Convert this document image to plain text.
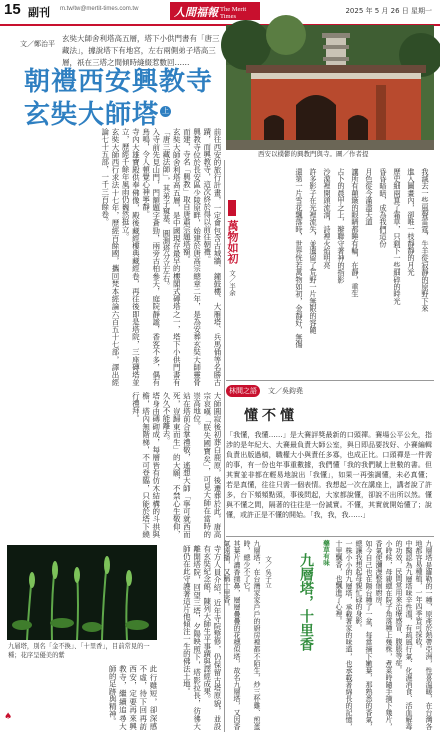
15 副刊 m.tw/tw@mertit-times.com.tw	人間福報 The Merit Times
2025 年 5 月 26 日 星期一
玄奘大師舍利塔高五層，塔下小供門書有「唐三藏法」，據說塔下有地宮，左右兩側弟子塔高三層，祇在三塔之間傾時縫綴惹數回……
文／鄭治平
朝禮西安興教寺
玄奘大師塔 上
西安以樸鬱的興教門與寺。圖／作者提

前往西安的旅行計畫，一定會包含古城牆、鐘鼓樓、大雁塔、兵馬俑等名勝古蹟，而興教寺，這次終於得以前往朝禮。

興教寺位於長安區少陵原畔，始建於唐高宗總章二年，是為安葬玄奘大師靈骨而建，寺名「興教」取自唐肅宗題塔額。

玄奘大師舍利塔高五層，是中國現存最早的樓閣式磚塔之一，塔下小供門書有「唐三藏法師」，其弟子窺基、圓測塔分立左右。

入寺前先見山門，門額題字蒼勁，兩旁古柏參天，庭院靜謐，香客不多，偶有鳥鳴，令人頓覺心神寧靜。

寺內大雄寶殿供奉佛像，殿後藏經樓典藏經卷，再往後即是塔院，三座磚塔並立，歷經千餘年風雨仍巍然挺立。

玄奘大師西行求法十七年，歷經百餘國，攜回梵本經論六百五十七部，譯出經論七十五部，一千三百餘卷。

大師圓寂後初葬白鹿原，後遷葬於此，唐高宗哀嘆「朕失國寶矣」，可見大師在當時的崇高地位。

站在塔前合掌禮敬，遙想大師「寧可就西而死，豈歸東而生」的大願，不禁心生敬仰，久久不能離去。

塔身由磚砌成，每層皆有仿木結構的斗拱與檐，塔內無階梯，不可登臨，只能於塔下繞行禮拜。

寺方人員介紹，近年寺院整修，仍保留古塔原貌，並設有玄奘紀念館，陳列大師生平事蹟與譯經成果。

離開塔院，回望三塔，夕陽映照下，塔影拉長，彷彿大師仍在此守護著這片他傾注一生的佛法土地。

此行雖短，卻深感不虛，待下回再訪西安，定要再來興教寺，繼續追尋大師的足跡與精神。

萬物如初
文／半余	我滅去一些風聲雷霆，牛羊從寂靜的原野下來

進入圖畫內，卻唯一枝靜靜的月光

歷史細兩算了霜草，只剩下一些細碎的時光

昏昏暗暗，成為我們這份

月色從今滿盡天道

讓所有顛簸的眼睛都睡有輪，在靜，重生

占卜的晨甲之上，辮聯守著神的指影

沙漠裡開頭流淌，詩裡火焰明亮

許多影子在光裡流失，並遺留了荒野一片無限的容隨

還第一片雪花飄落時，世界恍若萬物如初，金靜好，無傷

林間之語	文／吳鈞堯
懂不懂
「我懂，我懂……」是大賽評獎最新的口頭禪。賽場公平公允，指涉的是年紀大、大賽最負責大師公室，與日即品要找好、小賽編輯負責出版過稿，職權大小與責任多寡，也成正比。口頭禪是一件需的事，有一份也年事重數據，我們懂「我的我們賦上世數的書。但其實並非都在輕易地說出「我懂」，如果一再強調懂，未必真懂；若是真懂，往往只需一個表情。我想起一次在講座上，講者說了許多，台下頻頻點頭，事後問起，大家都說懂，卻說不出所以然。懂與不懂之間，隔著的往往是一份誠實。不懂，其實就開始懂了；說懂，或許正是不懂的開始。「我，我，我……」
九層塔，別名「金不換」、「十里香」，目前常見的一種；花序呈優美的紫
藥草有味
九層塔，十里香
文／吳子立

九層塔，在台灣家家戶戶的廚房裡都不陌生，炒三杯雞、煎蛋時，總少不了它。

其葉片濃香撲鼻，層層疊疊的花穗似塔，故名九層塔，又因香氣遠播，又稱十里香。	九層塔是羅勒的一種，原產於熱帶亞洲，性喜溫暖，在台灣各地都容易種植，一年四季皆可採收。

中醫認為九層塔味辛性溫，有疏風行氣、化濕消食、活血解毒的功效，民間常用來治療感冒、腹脹等症。

小時候，母親總在院子角落種上幾株，煮菜時隨手摘下幾片，香氣便瀰漫整個廚房。

如今自己也在陽台種了一盆，每當摘下嫩葉，那熟悉的香氣，總讓我想起母親忙碌的身影。

一株小小的九層塔，承載著家的味道，也承載著綿長的記憶，十里飄香，也飄進了心裡。

♠
